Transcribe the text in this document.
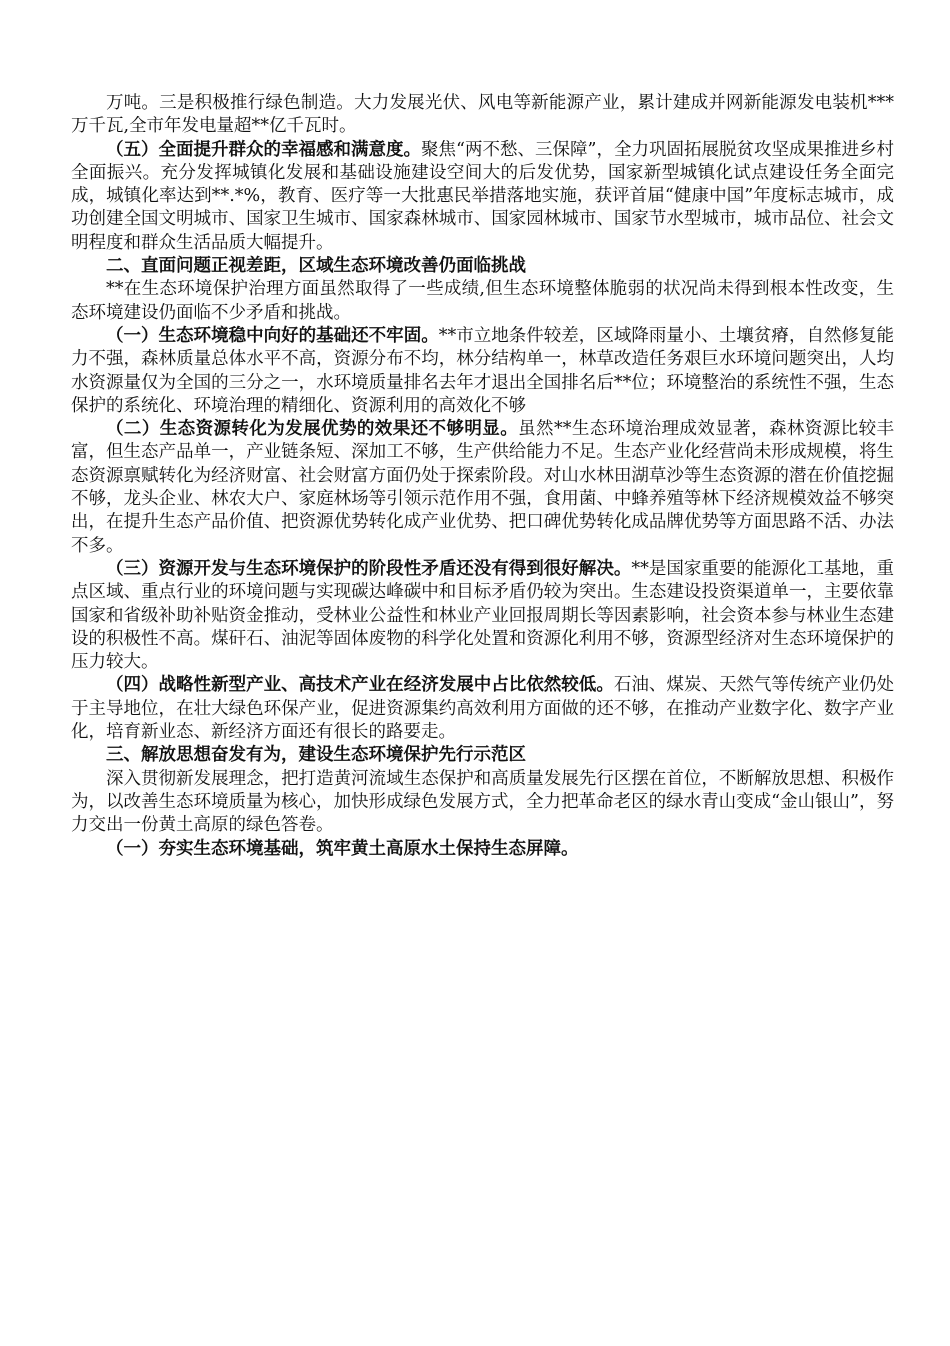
万吨。三是积极推行绿色制造。大力发展光伏、风电等新能源产业，累计建成并网新能源发电装机***万千瓦,全市年发电量超**亿千瓦时。

（五）全面提升群众的幸福感和满意度。聚焦“两不愁、三保障”，全力巩固拓展脱贫攻坚成果推进乡村全面振兴。充分发挥城镇化发展和基础设施建设空间大的后发优势，国家新型城镇化试点建设任务全面完成，城镇化率达到**.*%，教育、医疗等一大批惠民举措落地实施，获评首届“健康中国”年度标志城市，成功创建全国文明城市、国家卫生城市、国家森林城市、国家园林城市、国家节水型城市，城市品位、社会文明程度和群众生活品质大幅提升。

二、直面问题正视差距，区域生态环境改善仍面临挑战

**在生态环境保护治理方面虽然取得了一些成绩,但生态环境整体脆弱的状况尚未得到根本性改变，生态环境建设仍面临不少矛盾和挑战。

（一）生态环境稳中向好的基础还不牢固。**市立地条件较差，区域降雨量小、土壤贫瘠，自然修复能力不强，森林质量总体水平不高，资源分布不均，林分结构单一，林草改造任务艰巨水环境问题突出，人均水资源量仅为全国的三分之一，水环境质量排名去年才退出全国排名后**位；环境整治的系统性不强，生态保护的系统化、环境治理的精细化、资源利用的高效化不够

（二）生态资源转化为发展优势的效果还不够明显。虽然**生态环境治理成效显著，森林资源比较丰富，但生态产品单一，产业链条短、深加工不够，生产供给能力不足。生态产业化经营尚未形成规模，将生态资源禀赋转化为经济财富、社会财富方面仍处于探索阶段。对山水林田湖草沙等生态资源的潜在价值挖掘不够，龙头企业、林农大户、家庭林场等引领示范作用不强，食用菌、中蜂养殖等林下经济规模效益不够突出，在提升生态产品价值、把资源优势转化成产业优势、把口碑优势转化成品牌优势等方面思路不活、办法不多。

（三）资源开发与生态环境保护的阶段性矛盾还没有得到很好解决。**是国家重要的能源化工基地，重点区域、重点行业的环境问题与实现碳达峰碳中和目标矛盾仍较为突出。生态建设投资渠道单一，主要依靠国家和省级补助补贴资金推动，受林业公益性和林业产业回报周期长等因素影响，社会资本参与林业生态建设的积极性不高。煤矸石、油泥等固体废物的科学化处置和资源化利用不够，资源型经济对生态环境保护的压力较大。

（四）战略性新型产业、高技术产业在经济发展中占比依然较低。石油、煤炭、天然气等传统产业仍处于主导地位，在壮大绿色环保产业，促进资源集约高效利用方面做的还不够，在推动产业数字化、数字产业化，培育新业态、新经济方面还有很长的路要走。

三、解放思想奋发有为，建设生态环境保护先行示范区

深入贯彻新发展理念，把打造黄河流域生态保护和高质量发展先行区摆在首位，不断解放思想、积极作为，以改善生态环境质量为核心，加快形成绿色发展方式，全力把革命老区的绿水青山变成“金山银山”，努力交出一份黄土高原的绿色答卷。

（一）夯实生态环境基础，筑牢黄土高原水土保持生态屏障。
